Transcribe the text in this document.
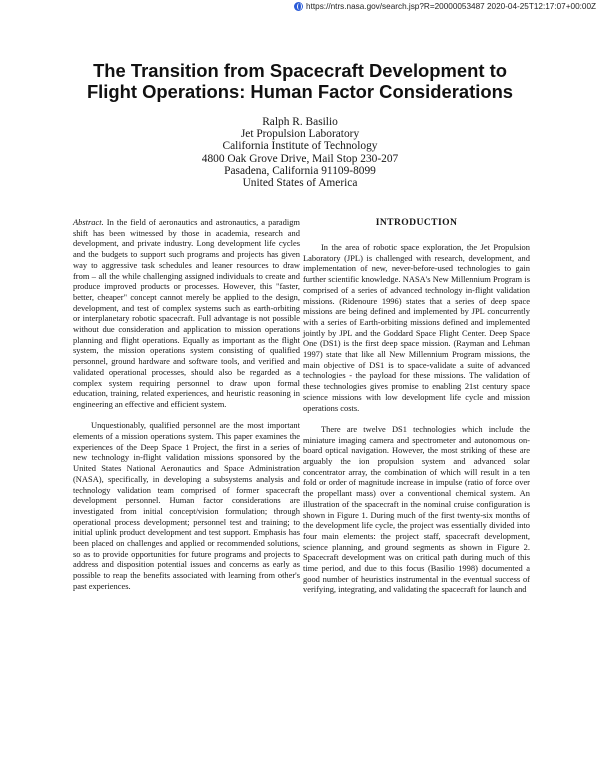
https://ntrs.nasa.gov/search.jsp?R=20000053487 2020-04-25T12:17:07+00:00Z
The Transition from Spacecraft Development to
Flight Operations: Human Factor Considerations
Ralph R. Basilio
Jet Propulsion Laboratory
California Institute of Technology
4800 Oak Grove Drive, Mail Stop 230-207
Pasadena, California 91109-8099
United States of America

Abstract. In the field of aeronautics and astronautics, a paradigm shift has been witnessed by those in academia, research and development, and private industry. Long development life cycles and the budgets to support such programs and projects has given way to aggressive task schedules and leaner resources to draw from – all the while challenging assigned individuals to create and produce improved products or processes. However, this "faster, better, cheaper" concept cannot merely be applied to the design, development, and test of complex systems such as earth-orbiting or interplanetary robotic spacecraft. Full advantage is not possible without due consideration and application to mission operations planning and flight operations. Equally as important as the flight system, the mission operations system consisting of qualified personnel, ground hardware and software tools, and verified and validated operational processes, should also be regarded as a complex system requiring personnel to draw upon formal education, training, related experiences, and heuristic reasoning in engineering an effective and efficient system.

Unquestionably, qualified personnel are the most important elements of a mission operations system. This paper examines the experiences of the Deep Space 1 Project, the first in a series of new technology in-flight validation missions sponsored by the United States National Aeronautics and Space Administration (NASA), specifically, in developing a subsystems analysis and technology validation team comprised of former spacecraft development personnel. Human factor considerations are investigated from initial concept/vision formulation; through operational process development; personnel test and training; to initial uplink product development and test support. Emphasis has been placed on challenges and applied or recommended solutions, so as to provide opportunities for future programs and projects to address and disposition potential issues and concerns as early as possible to reap the benefits associated with learning from other's past experiences.

INTRODUCTION

In the area of robotic space exploration, the Jet Propulsion Laboratory (JPL) is challenged with research, development, and implementation of new, never-before-used technologies to gain further scientific knowledge. NASA's New Millennium Program is comprised of a series of advanced technology in-flight validation missions. (Ridenoure 1996) states that a series of deep space missions are being defined and implemented by JPL concurrently with a series of Earth-orbiting missions defined and implemented jointly by JPL and the Goddard Space Flight Center. Deep Space One (DS1) is the first deep space mission. (Rayman and Lehman 1997) state that like all New Millennium Program missions, the main objective of DS1 is to space-validate a suite of advanced technologies - the payload for these missions. The validation of these technologies gives promise to enabling 21st century space science missions with low development life cycle and mission operations costs.

There are twelve DS1 technologies which include the miniature imaging camera and spectrometer and autonomous on-board optical navigation. However, the most striking of these are arguably the ion propulsion system and advanced solar concentrator array, the combination of which will result in a ten fold or order of magnitude increase in impulse (ratio of force over the propellant mass) over a conventional chemical system. An illustration of the spacecraft in the nominal cruise configuration is shown in Figure 1. During much of the first twenty-six months of the development life cycle, the project was essentially divided into four main elements: the project staff, spacecraft development, science planning, and ground segments as shown in Figure 2. Spacecraft development was on critical path during much of this time period, and due to this focus (Basilio 1998) documented a good number of heuristics instrumental in the eventual success of verifying, integrating, and validating the spacecraft for launch and
